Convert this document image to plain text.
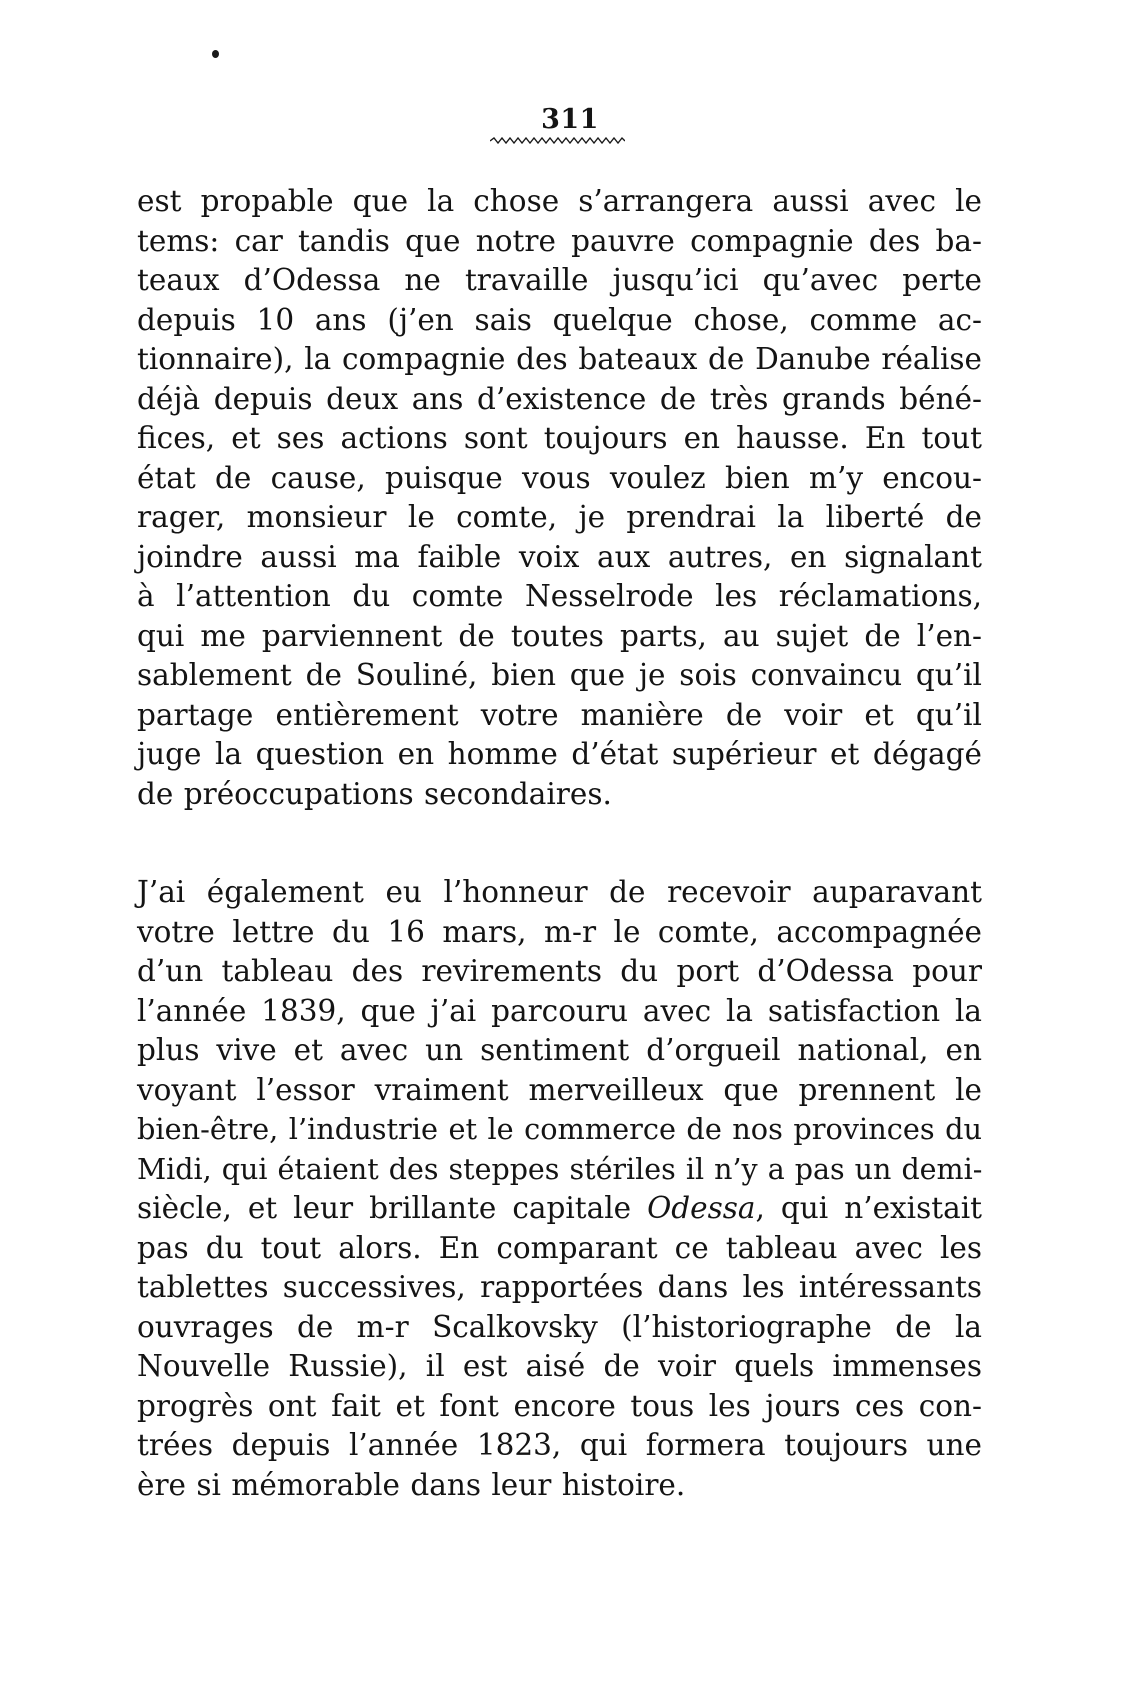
311

est propable que la chose s’arrangera aussi avec le
tems: car tandis que notre pauvre compagnie des ba-
teaux d’Odessa ne travaille jusqu’ici qu’avec perte
depuis 10 ans (j’en sais quelque chose, comme ac-
tionnaire), la compagnie des bateaux de Danube réalise
déjà depuis deux ans d’existence de très grands béné-
fices, et ses actions sont toujours en hausse. En tout
état de cause, puisque vous voulez bien m’y encou-
rager, monsieur le comte, je prendrai la liberté de
joindre aussi ma faible voix aux autres, en signalant
à l’attention du comte Nesselrode les réclamations,
qui me parviennent de toutes parts, au sujet de l’en-
sablement de Souliné, bien que je sois convaincu qu’il
partage entièrement votre manière de voir et qu’il
juge la question en homme d’état supérieur et dégagé
de préoccupations secondaires.

J’ai également eu l’honneur de recevoir auparavant
votre lettre du 16 mars, m-r le comte, accompagnée
d’un tableau des revirements du port d’Odessa pour
l’année 1839, que j’ai parcouru avec la satisfaction la
plus vive et avec un sentiment d’orgueil national, en
voyant l’essor vraiment merveilleux que prennent le
bien-être, l’industrie et le commerce de nos provinces du
Midi, qui étaient des steppes stériles il n’y a pas un demi-
siècle, et leur brillante capitale Odessa, qui n’existait
pas du tout alors. En comparant ce tableau avec les
tablettes successives, rapportées dans les intéressants
ouvrages de m-r Scalkovsky (l’historiographe de la
Nouvelle Russie), il est aisé de voir quels immenses
progrès ont fait et font encore tous les jours ces con-
trées depuis l’année 1823, qui formera toujours une
ère si mémorable dans leur histoire.
